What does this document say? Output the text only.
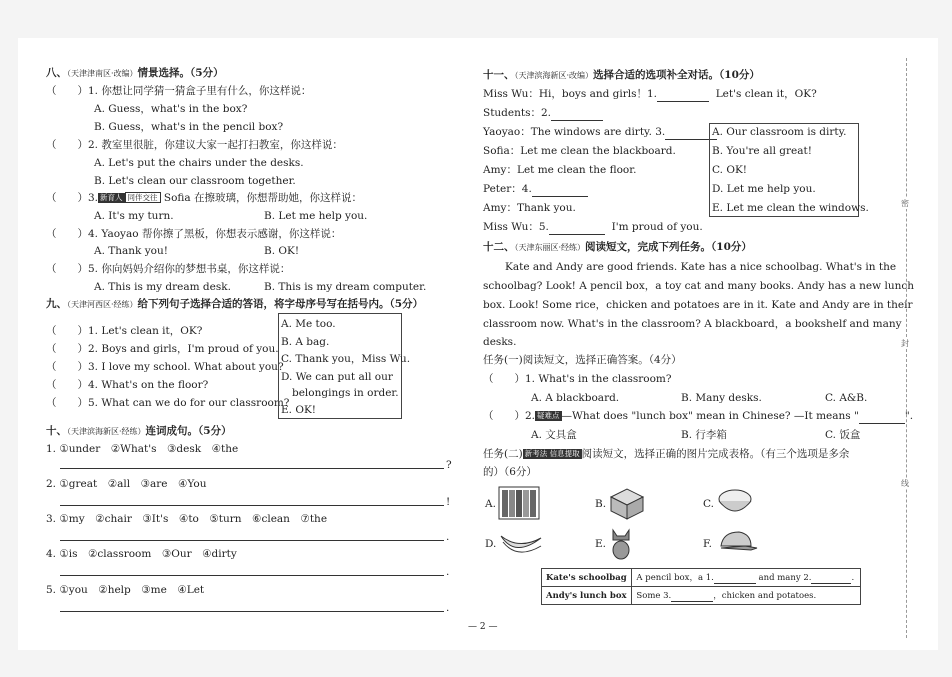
八、（天津津南区·改编）情景选择。（5分）
（　　）1. 你想让同学猜一猜盒子里有什么，你这样说：
A. Guess，what's in the box?
B. Guess，what's in the pencil box?
（　　）2. 教室里很脏，你建议大家一起打扫教室，你这样说：
A. Let's put the chairs under the desks.
B. Let's clean our classroom together.
（　　）3. 新育人 同伴交往 Sofia 在擦玻璃，你想帮助她，你这样说：
A. It's my turn.	B. Let me help you.
（　　）4. Yaoyao 帮你擦了黑板，你想表示感谢，你这样说：
A. Thank you!	B. OK!
（　　）5. 你向妈妈介绍你的梦想书桌，你这样说：
A. This is my dream desk.	B. This is my dream computer.
九、（天津河西区·经练）给下列句子选择合适的答语，将字母序号写在括号内。（5分）
（　　）1. Let's clean it，OK?
（　　）2. Boys and girls，I'm proud of you.
（　　）3. I love my school. What about you?
（　　）4. What's on the floor?
（　　）5. What can we do for our classroom?
A. Me too.
B. A bag.
C. Thank you，Miss Wu.
D. We can put all our
belongings in order.
E. OK!
十、（天津滨海新区·经练）连词成句。（5分）
1. ①under　②What's　③desk　④the
?
2. ①great　②all　③are　④You
!
3. ①my　②chair　③It's　④to　⑤turn　⑥clean　⑦the
.
4. ①is　②classroom　③Our　④dirty
.
5. ①you　②help　③me　④Let
.
十一、（天津滨海新区·改编）选择合适的选项补全对话。（10分）
Miss Wu：Hi，boys and girls！1.	Let's clean it，OK?
Students：2.
Yaoyao：The windows are dirty. 3.
Sofia：Let me clean the blackboard.
Amy：Let me clean the floor.
Peter：4.
Amy：Thank you.
Miss Wu：5.	I'm proud of you.
A. Our classroom is dirty.
B. You're all great!
C. OK!
D. Let me help you.
E. Let me clean the windows.
十二、（天津东丽区·经练）阅读短文，完成下列任务。（10分）
Kate and Andy are good friends. Kate has a nice schoolbag. What's in the
schoolbag? Look! A pencil box，a toy cat and many books. Andy has a new lunch
box. Look! Some rice，chicken and potatoes are in it. Kate and Andy are in their
classroom now. What's in the classroom? A blackboard，a bookshelf and many
desks.
任务(一)阅读短文，选择正确答案。（4分）
（　　）1. What's in the classroom?
A. A blackboard.	B. Many desks.	C. A&B.
（　　）2. 疑难点 —What does "lunch box" mean in Chinese? —It means "	".
A. 文具盒	B. 行李箱	C. 饭盒
任务(二) 新考法 信息提取 阅读短文，选择正确的图片完成表格。（有三个选项是多余
的）（6分）
A.	B.	C.
D.	E.	F.
Kate's schoolbag	A pencil box，a 1. and many 2. .
Andy's lunch box	Some 3. ，chicken and potatoes.
— 2 —
密
封
线
